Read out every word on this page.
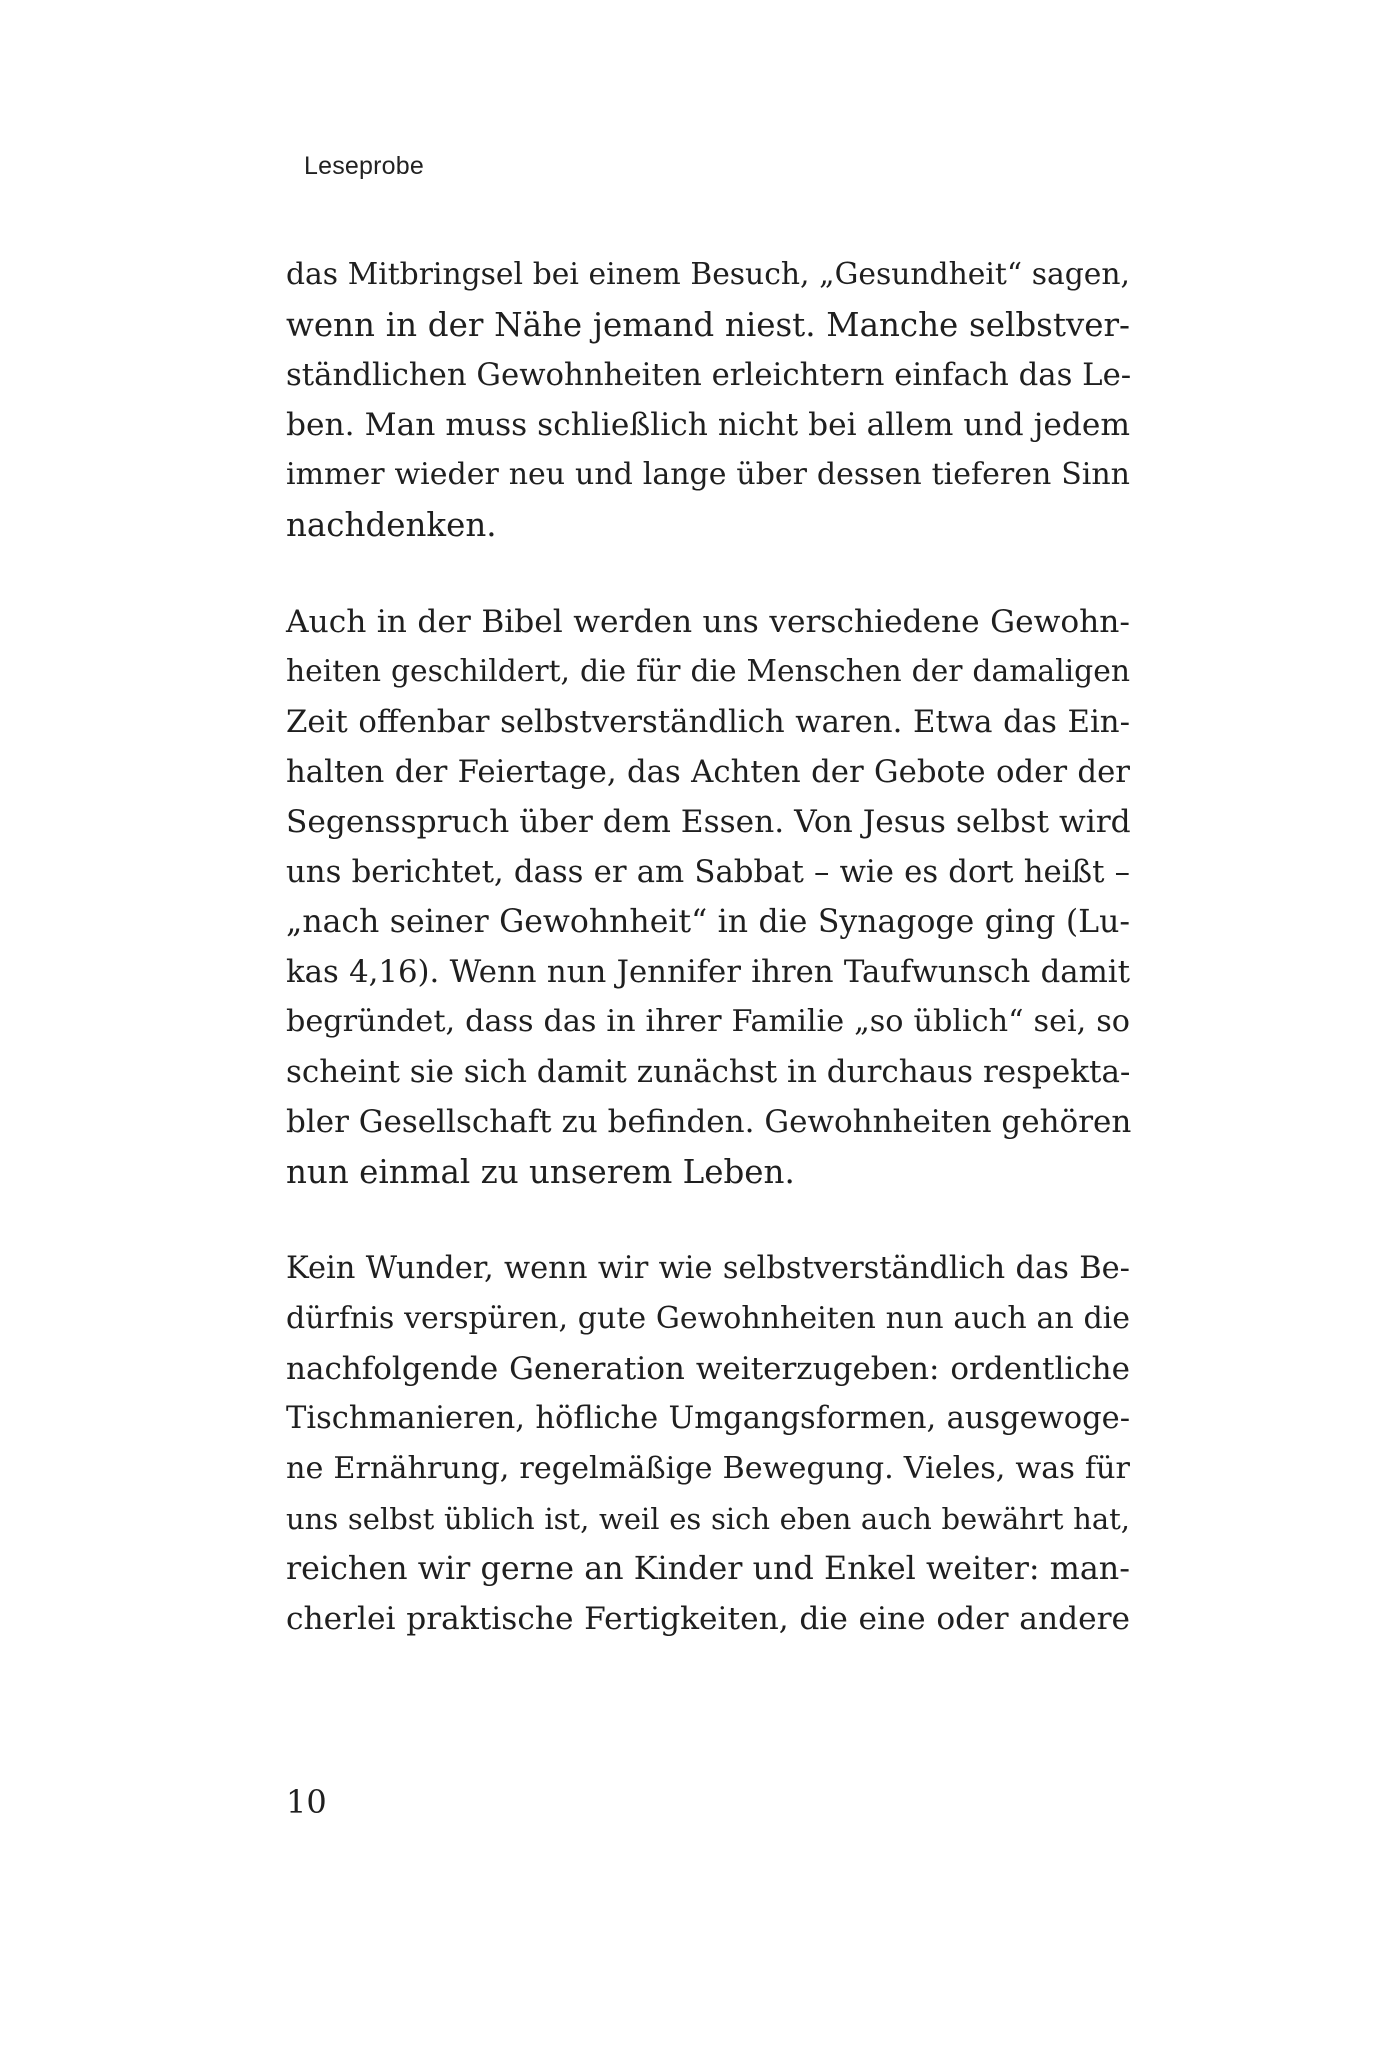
Leseprobe
das Mitbringsel bei einem Besuch, „Gesundheit“ sagen,
wenn in der Nähe jemand niest. Manche selbstver-
ständlichen Gewohnheiten erleichtern einfach das Le-
ben. Man muss schließlich nicht bei allem und jedem
immer wieder neu und lange über dessen tieferen Sinn
nachdenken.
Auch in der Bibel werden uns verschiedene Gewohn-
heiten geschildert, die für die Menschen der damaligen
Zeit offenbar selbstverständlich waren. Etwa das Ein-
halten der Feiertage, das Achten der Gebote oder der
Segensspruch über dem Essen. Von Jesus selbst wird
uns berichtet, dass er am Sabbat – wie es dort heißt –
„nach seiner Gewohnheit“ in die Synagoge ging (Lu-
kas 4,16). Wenn nun Jennifer ihren Taufwunsch damit
begründet, dass das in ihrer Familie „so üblich“ sei, so
scheint sie sich damit zunächst in durchaus respekta-
bler Gesellschaft zu befinden. Gewohnheiten gehören
nun einmal zu unserem Leben.
Kein Wunder, wenn wir wie selbstverständlich das Be-
dürfnis verspüren, gute Gewohnheiten nun auch an die
nachfolgende Generation weiterzugeben: ordentliche
Tischmanieren, höfliche Umgangsformen, ausgewoge-
ne Ernährung, regelmäßige Bewegung. Vieles, was für
uns selbst üblich ist, weil es sich eben auch bewährt hat,
reichen wir gerne an Kinder und Enkel weiter: man-
cherlei praktische Fertigkeiten, die eine oder andere
10
